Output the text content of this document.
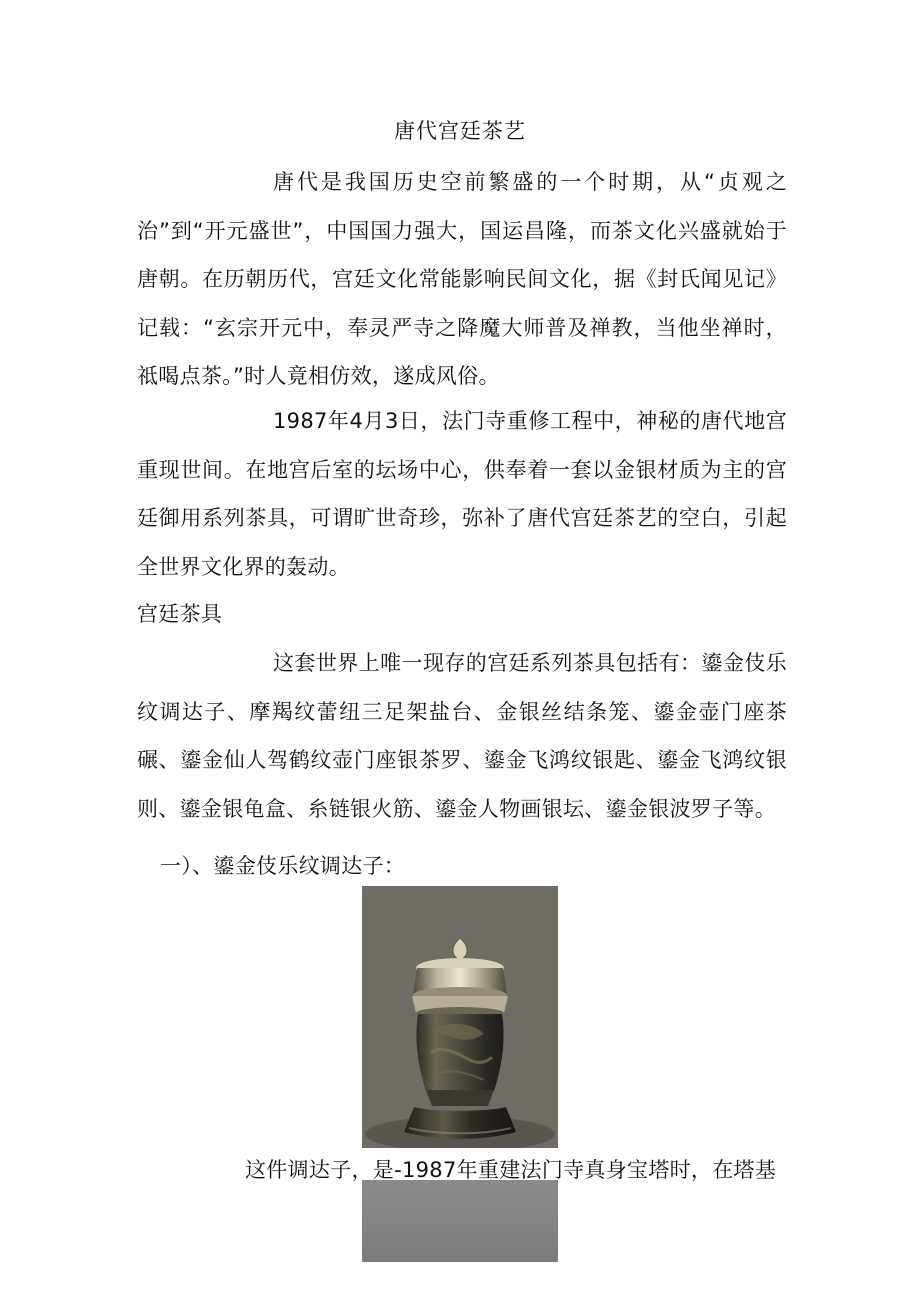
唐代宫廷茶艺
唐代是我国历史空前繁盛的一个时期，从“贞观之治”到“开元盛世”，中国国力强大，国运昌隆，而茶文化兴盛就始于唐朝。在历朝历代，宫廷文化常能影响民间文化，据《封氏闻见记》记载：“玄宗开元中，奉灵严寺之降魔大师普及禅教，当他坐禅时，祗喝点茶。”时人竟相仿效，遂成风俗。
1987年4月3日，法门寺重修工程中，神秘的唐代地宫重现世间。在地宫后室的坛场中心，供奉着一套以金银材质为主的宫廷御用系列茶具，可谓旷世奇珍，弥补了唐代宫廷茶艺的空白，引起全世界文化界的轰动。
宫廷茶具
这套世界上唯一现存的宫廷系列茶具包括有：鎏金伎乐纹调达子、摩羯纹蕾纽三足架盐台、金银丝结条笼、鎏金壶门座茶碾、鎏金仙人驾鹤纹壶门座银茶罗、鎏金飞鸿纹银匙、鎏金飞鸿纹银则、鎏金银龟盒、糸链银火筋、鎏金人物画银坛、鎏金银波罗子等。
一）、鎏金伎乐纹调达子：
这件调达子，是-1987年重建法门寺真身宝塔时，在塔基
